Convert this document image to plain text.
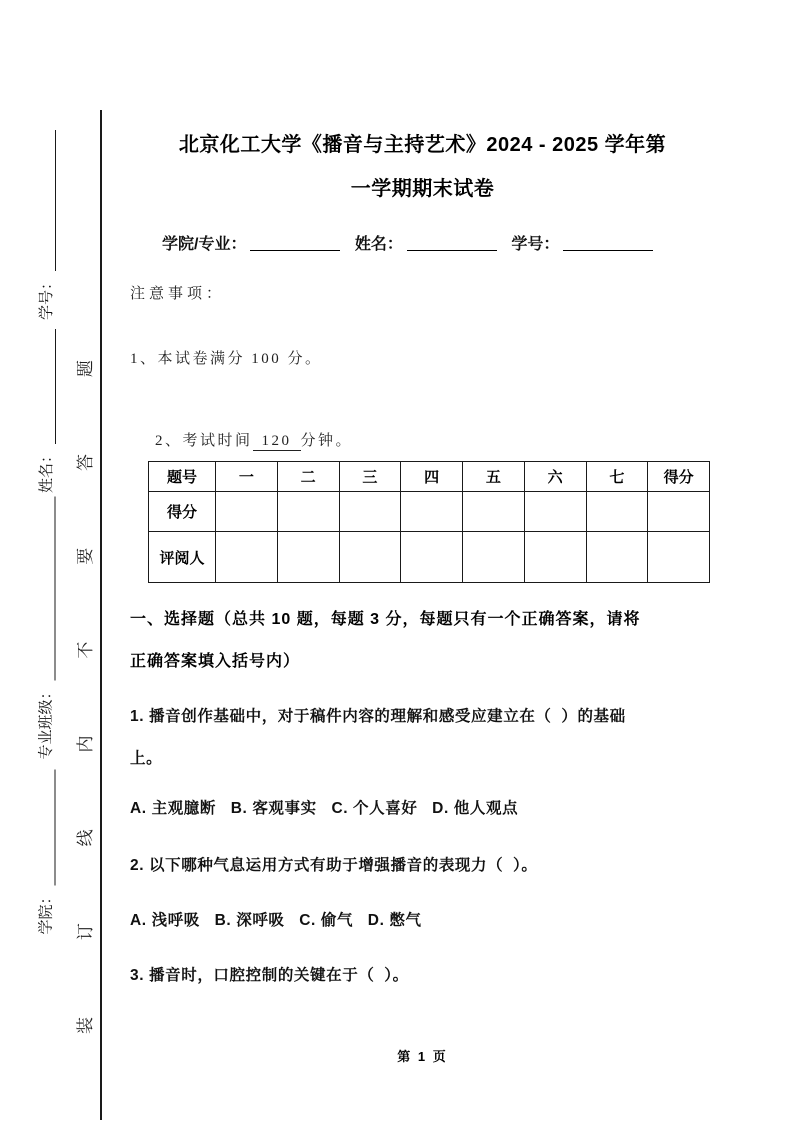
学号：
姓名：
专业班级：
学院：
装
订
线
内
不
要
答
题
北京化工大学《播音与主持艺术》2024 - 2025 学年第
一学期期末试卷
学院/专业：	姓名：	学号：
注意事项：
1、本试卷满分 100 分。

2、考试时间 120 分钟。

题号	一	二	三	四	五	六	七	得分
得分								
评阅人								
一、选择题（总共 10 题，每题 3 分，每题只有一个正确答案，请将
正确答案填入括号内）
1. 播音创作基础中，对于稿件内容的理解和感受应建立在（  ）的基础
上。
A. 主观臆断   B. 客观事实   C. 个人喜好   D. 他人观点
2. 以下哪种气息运用方式有助于增强播音的表现力（  ）。
A. 浅呼吸   B. 深呼吸   C. 偷气   D. 憋气
3. 播音时，口腔控制的关键在于（  ）。
第 1 页
